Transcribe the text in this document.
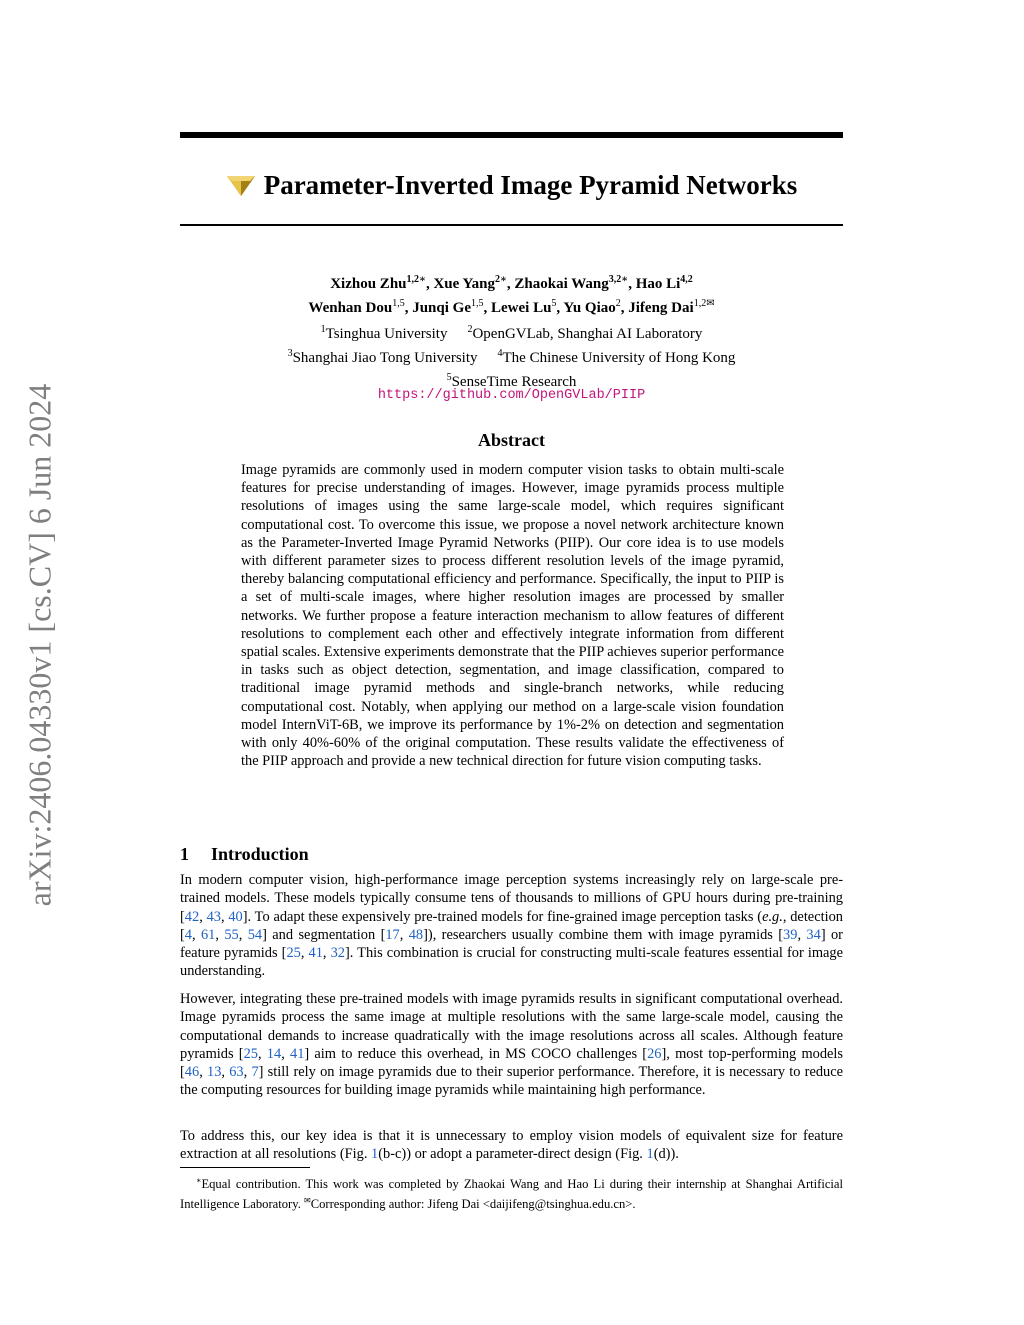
arXiv:2406.04330v1 [cs.CV] 6 Jun 2024
Parameter-Inverted Image Pyramid Networks
Xizhou Zhu$^{1,2∗}$, Xue Yang$^{2∗}$, Zhaokai Wang$^{3,2∗}$, Hao Li$^{4,2}$
Wenhan Dou$^{1,5}$, Junqi Ge$^{1,5}$, Lewei Lu$^5$, Yu Qiao$^2$, Jifeng Dai$^{1,2✉}$
$^1$Tsinghua University $^2$OpenGVLab, Shanghai AI Laboratory
$^3$Shanghai Jiao Tong University $^4$The Chinese University of Hong Kong
$^5$SenseTime Research
https://github.com/OpenGVLab/PIIP
Abstract
Image pyramids are commonly used in modern computer vision tasks to obtain multi-scale features for precise understanding of images. However, image pyramids process multiple resolutions of images using the same large-scale model, which requires significant computational cost. To overcome this issue, we propose a novel network architecture known as the Parameter-Inverted Image Pyramid Networks (PIIP). Our core idea is to use models with different parameter sizes to process different resolution levels of the image pyramid, thereby balancing computational efficiency and performance. Specifically, the input to PIIP is a set of multi-scale images, where higher resolution images are processed by smaller networks. We further propose a feature interaction mechanism to allow features of different resolutions to complement each other and effectively integrate information from different spatial scales. Extensive experiments demonstrate that the PIIP achieves superior performance in tasks such as object detection, segmentation, and image classification, compared to traditional image pyramid methods and single-branch networks, while reducing computational cost. Notably, when applying our method on a large-scale vision foundation model InternViT-6B, we improve its performance by 1%-2% on detection and segmentation with only 40%-60% of the original computation. These results validate the effectiveness of the PIIP approach and provide a new technical direction for future vision computing tasks.
1 Introduction

In modern computer vision, high-performance image perception systems increasingly rely on large-scale pre-trained models. These models typically consume tens of thousands to millions of GPU hours during pre-training [42, 43, 40]. To adapt these expensively pre-trained models for fine-grained image perception tasks (e.g., detection [4, 61, 55, 54] and segmentation [17, 48]), researchers usually combine them with image pyramids [39, 34] or feature pyramids [25, 41, 32]. This combination is crucial for constructing multi-scale features essential for image understanding.

However, integrating these pre-trained models with image pyramids results in significant computational overhead. Image pyramids process the same image at multiple resolutions with the same large-scale model, causing the computational demands to increase quadratically with the image resolutions across all scales. Although feature pyramids [25, 14, 41] aim to reduce this overhead, in MS COCO challenges [26], most top-performing models [46, 13, 63, 7] still rely on image pyramids due to their superior performance. Therefore, it is necessary to reduce the computing resources for building image pyramids while maintaining high performance.

To address this, our key idea is that it is unnecessary to employ vision models of equivalent size for feature extraction at all resolutions (Fig. 1(b-c)) or adopt a parameter-direct design (Fig. 1(d)).

∗Equal contribution. This work was completed by Zhaokai Wang and Hao Li during their internship at Shanghai Artificial Intelligence Laboratory. ✉Corresponding author: Jifeng Dai <daijifeng@tsinghua.edu.cn>.
